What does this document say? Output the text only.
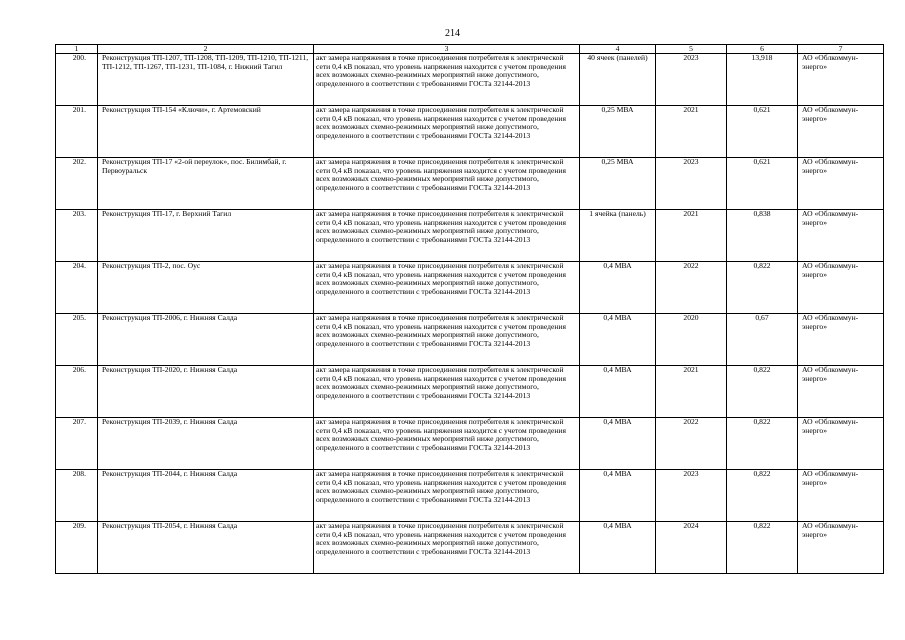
214
1	2	3	4	5	6	7
200.	Реконструкция ТП-1207, ТП-1208, ТП-1209, ТП-1210, ТП-1211, ТП-1212, ТП-1267, ТП-1231, ТП-1084, г. Нижний Тагил	акт замера напряжения в точке присоединения потребителя к электрической сети 0,4 кВ показал, что уровень напряжения находится с учетом проведения всех возможных схемно-режимных мероприятий ниже допустимого, определенного в соответствии с требованиями ГОСТа 32144-2013	40 ячеек (панелей)	2023	13,918	АО «Облкоммун-энерго»
201.	Реконструкция ТП-154 «Ключи», г. Артемовский	акт замера напряжения в точке присоединения потребителя к электрической сети 0,4 кВ показал, что уровень напряжения находится с учетом проведения всех возможных схемно-режимных мероприятий ниже допустимого, определенного в соответствии с требованиями ГОСТа 32144-2013	0,25 МВА	2021	0,621	АО «Облкоммун-энерго»
202.	Реконструкция ТП-17 «2-ой переулок», пос. Билимбай, г. Первоуральск	акт замера напряжения в точке присоединения потребителя к электрической сети 0,4 кВ показал, что уровень напряжения находится с учетом проведения всех возможных схемно-режимных мероприятий ниже допустимого, определенного в соответствии с требованиями ГОСТа 32144-2013	0,25 МВА	2023	0,621	АО «Облкоммун-энерго»
203.	Реконструкция ТП-17, г. Верхний Тагил	акт замера напряжения в точке присоединения потребителя к электрической сети 0,4 кВ показал, что уровень напряжения находится с учетом проведения всех возможных схемно-режимных мероприятий ниже допустимого, определенного в соответствии с требованиями ГОСТа 32144-2013	1 ячейка (панель)	2021	0,838	АО «Облкоммун-энерго»
204.	Реконструкция ТП-2, пос. Оус	акт замера напряжения в точке присоединения потребителя к электрической сети 0,4 кВ показал, что уровень напряжения находится с учетом проведения всех возможных схемно-режимных мероприятий ниже допустимого, определенного в соответствии с требованиями ГОСТа 32144-2013	0,4 МВА	2022	0,822	АО «Облкоммун-энерго»
205.	Реконструкция ТП-2006, г. Нижняя Салда	акт замера напряжения в точке присоединения потребителя к электрической сети 0,4 кВ показал, что уровень напряжения находится с учетом проведения всех возможных схемно-режимных мероприятий ниже допустимого, определенного в соответствии с требованиями ГОСТа 32144-2013	0,4 МВА	2020	0,67	АО «Облкоммун-энерго»
206.	Реконструкция ТП-2020, г. Нижняя Салда	акт замера напряжения в точке присоединения потребителя к электрической сети 0,4 кВ показал, что уровень напряжения находится с учетом проведения всех возможных схемно-режимных мероприятий ниже допустимого, определенного в соответствии с требованиями ГОСТа 32144-2013	0,4 МВА	2021	0,822	АО «Облкоммун-энерго»
207.	Реконструкция ТП-2039, г. Нижняя Салда	акт замера напряжения в точке присоединения потребителя к электрической сети 0,4 кВ показал, что уровень напряжения находится с учетом проведения всех возможных схемно-режимных мероприятий ниже допустимого, определенного в соответствии с требованиями ГОСТа 32144-2013	0,4 МВА	2022	0,822	АО «Облкоммун-энерго»
208.	Реконструкция ТП-2044, г. Нижняя Салда	акт замера напряжения в точке присоединения потребителя к электрической сети 0,4 кВ показал, что уровень напряжения находится с учетом проведения всех возможных схемно-режимных мероприятий ниже допустимого, определенного в соответствии с требованиями ГОСТа 32144-2013	0,4 МВА	2023	0,822	АО «Облкоммун-энерго»
209.	Реконструкция ТП-2054, г. Нижняя Салда	акт замера напряжения в точке присоединения потребителя к электрической сети 0,4 кВ показал, что уровень напряжения находится с учетом проведения всех возможных схемно-режимных мероприятий ниже допустимого, определенного в соответствии с требованиями ГОСТа 32144-2013	0,4 МВА	2024	0,822	АО «Облкоммун-энерго»
